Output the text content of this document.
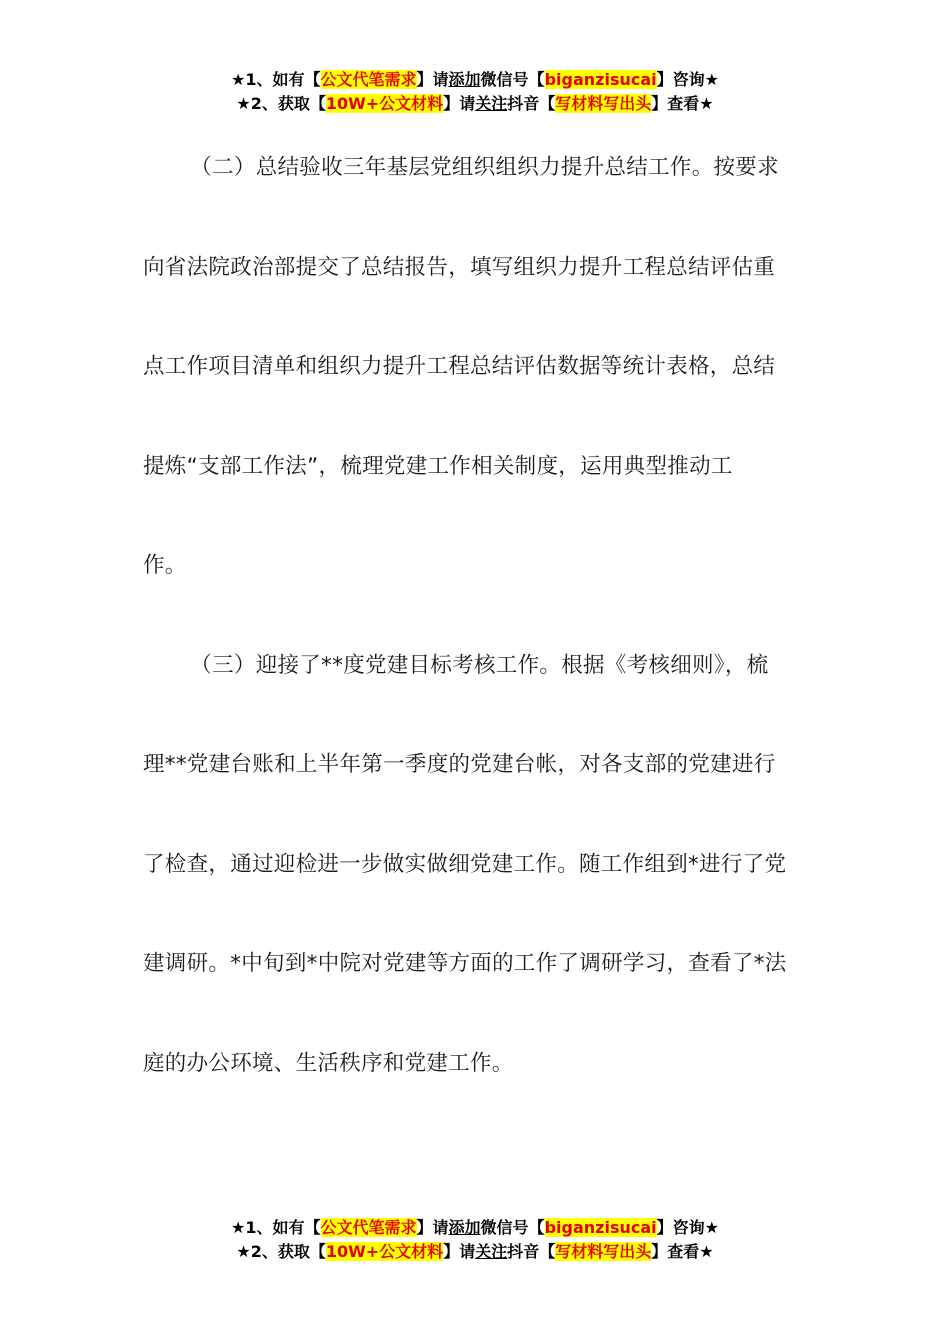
★1、如有【公文代笔需求】请添加微信号【biganzisucai】咨询★
★2、获取【10W+公文材料】请关注抖音【写材料写出头】查看★

（二）总结验收三年基层党组织组织力提升总结工作。按要求

向省法院政治部提交了总结报告，填写组织力提升工程总结评估重

点工作项目清单和组织力提升工程总结评估数据等统计表格，总结

提炼“支部工作法”，梳理党建工作相关制度，运用典型推动工

作。

（三）迎接了**度党建目标考核工作。根据《考核细则》，梳

理**党建台账和上半年第一季度的党建台帐，对各支部的党建进行

了检查，通过迎检进一步做实做细党建工作。随工作组到*进行了党

建调研。*中旬到*中院对党建等方面的工作了调研学习，查看了*法

庭的办公环境、生活秩序和党建工作。

★1、如有【公文代笔需求】请添加微信号【biganzisucai】咨询★
★2、获取【10W+公文材料】请关注抖音【写材料写出头】查看★
